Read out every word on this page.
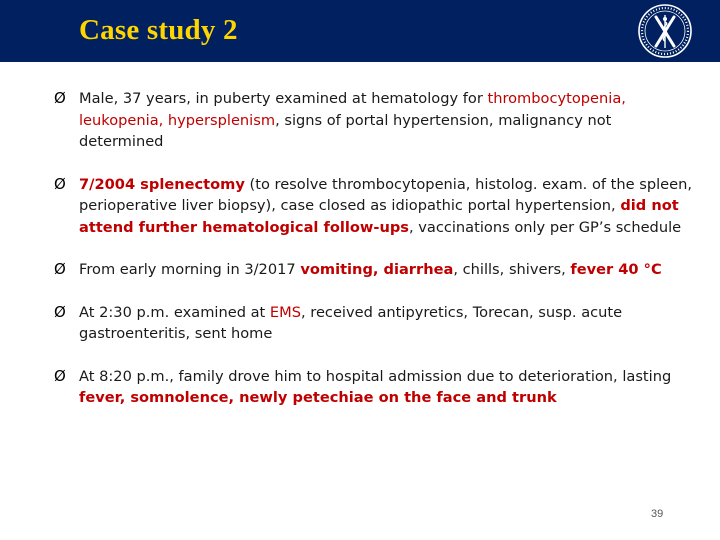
Case study 2
Ø Male, 37 years, in puberty examined at hematology for thrombocytopenia, leukopenia, hypersplenism, signs of portal hypertension, malignancy not determined
Ø 7/2004 splenectomy (to resolve thrombocytopenia, histolog. exam. of the spleen, perioperative liver biopsy), case closed as idiopathic portal hypertension, did not attend further hematological follow-ups, vaccinations only per GP’s schedule
Ø From early morning in 3/2017 vomiting, diarrhea, chills, shivers, fever 40 °C
Ø At 2:30 p.m. examined at EMS, received antipyretics, Torecan, susp. acute gastroenteritis, sent home
Ø At 8:20 p.m., family drove him to hospital admission due to deterioration, lasting fever, somnolence, newly petechiae on the face and trunk
39
